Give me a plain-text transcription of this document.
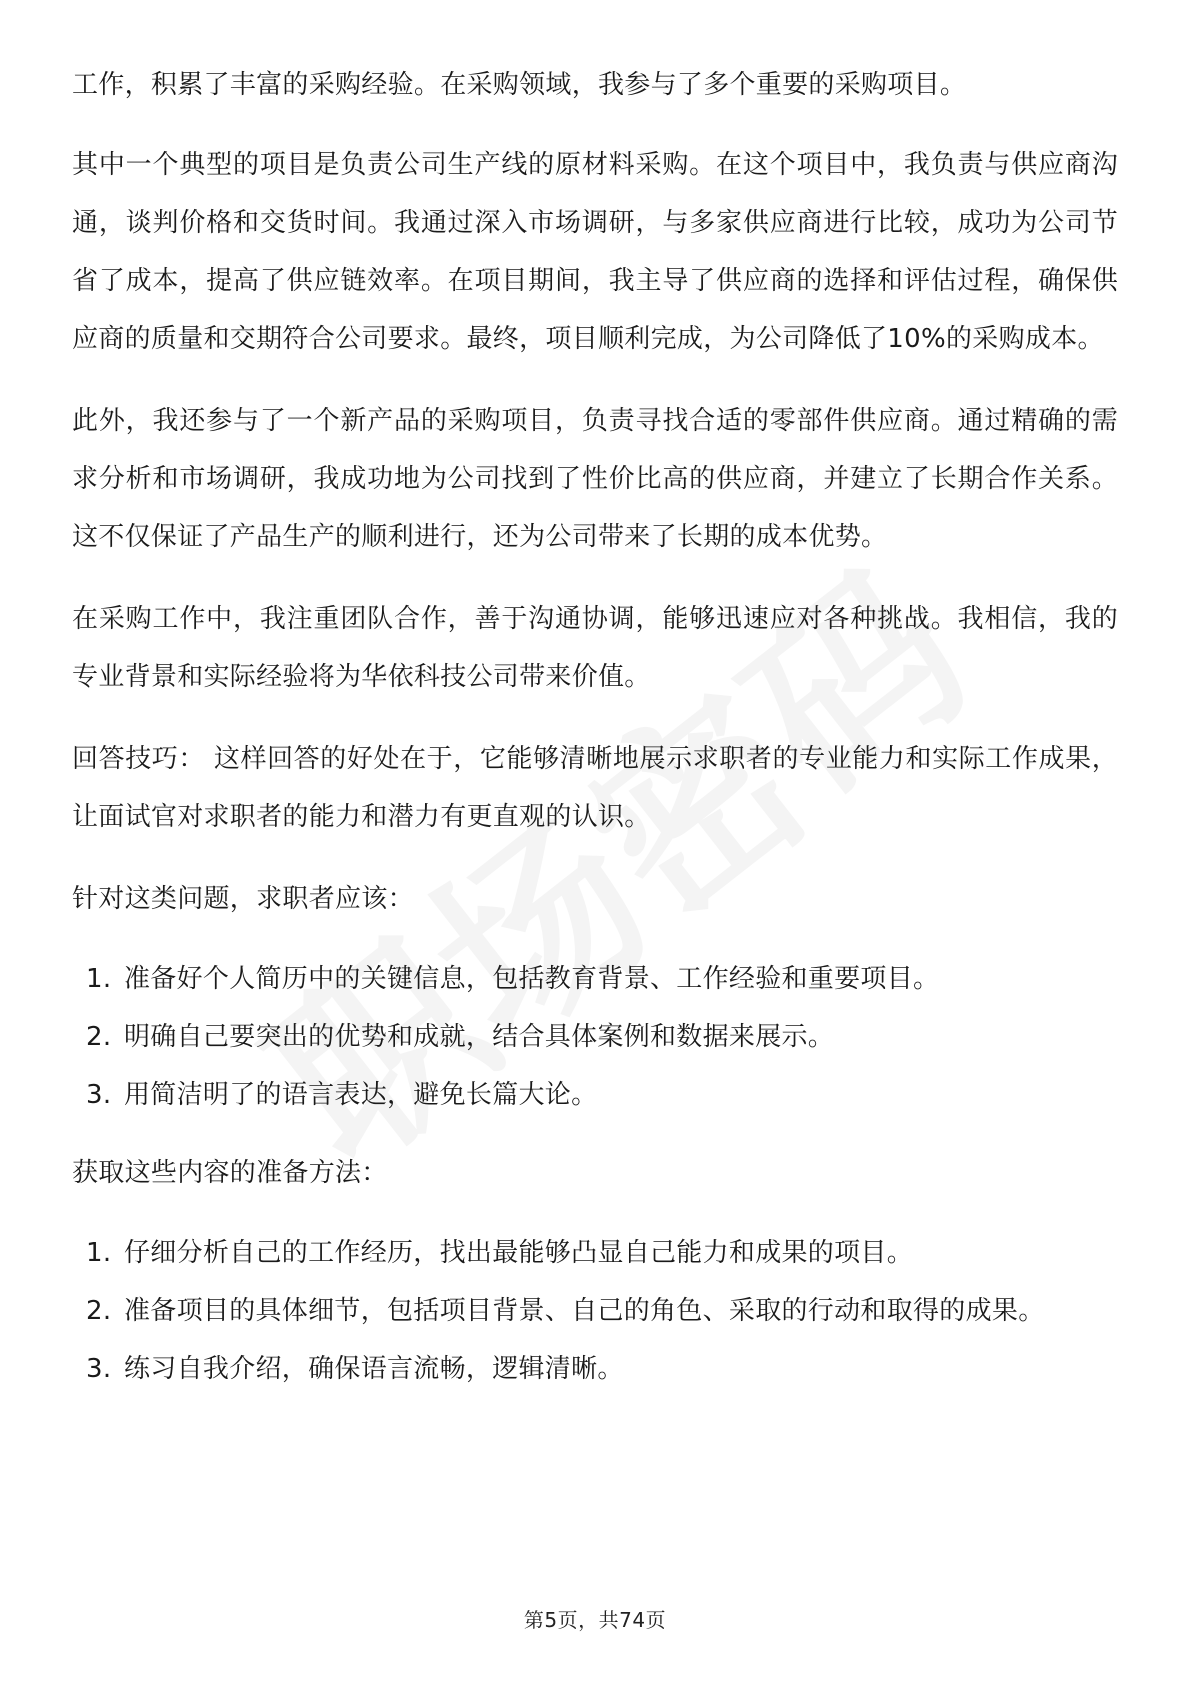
工作，积累了丰富的采购经验。在采购领域，我参与了多个重要的采购项目。

其中一个典型的项目是负责公司生产线的原材料采购。在这个项目中，我负责与供应商沟通，谈判价格和交货时间。我通过深入市场调研，与多家供应商进行比较，成功为公司节省了成本，提高了供应链效率。在项目期间，我主导了供应商的选择和评估过程，确保供应商的质量和交期符合公司要求。最终，项目顺利完成，为公司降低了10%的采购成本。

此外，我还参与了一个新产品的采购项目，负责寻找合适的零部件供应商。通过精确的需求分析和市场调研，我成功地为公司找到了性价比高的供应商，并建立了长期合作关系。这不仅保证了产品生产的顺利进行，还为公司带来了长期的成本优势。

在采购工作中，我注重团队合作，善于沟通协调，能够迅速应对各种挑战。我相信，我的专业背景和实际经验将为华依科技公司带来价值。

回答技巧： 这样回答的好处在于，它能够清晰地展示求职者的专业能力和实际工作成果，让面试官对求职者的能力和潜力有更直观的认识。

针对这类问题，求职者应该：

1. 准备好个人简历中的关键信息，包括教育背景、工作经验和重要项目。
2. 明确自己要突出的优势和成就，结合具体案例和数据来展示。
3. 用简洁明了的语言表达，避免长篇大论。

获取这些内容的准备方法：

1. 仔细分析自己的工作经历，找出最能够凸显自己能力和成果的项目。
2. 准备项目的具体细节，包括项目背景、自己的角色、采取的行动和取得的成果。
3. 练习自我介绍，确保语言流畅，逻辑清晰。
第5页，共74页
